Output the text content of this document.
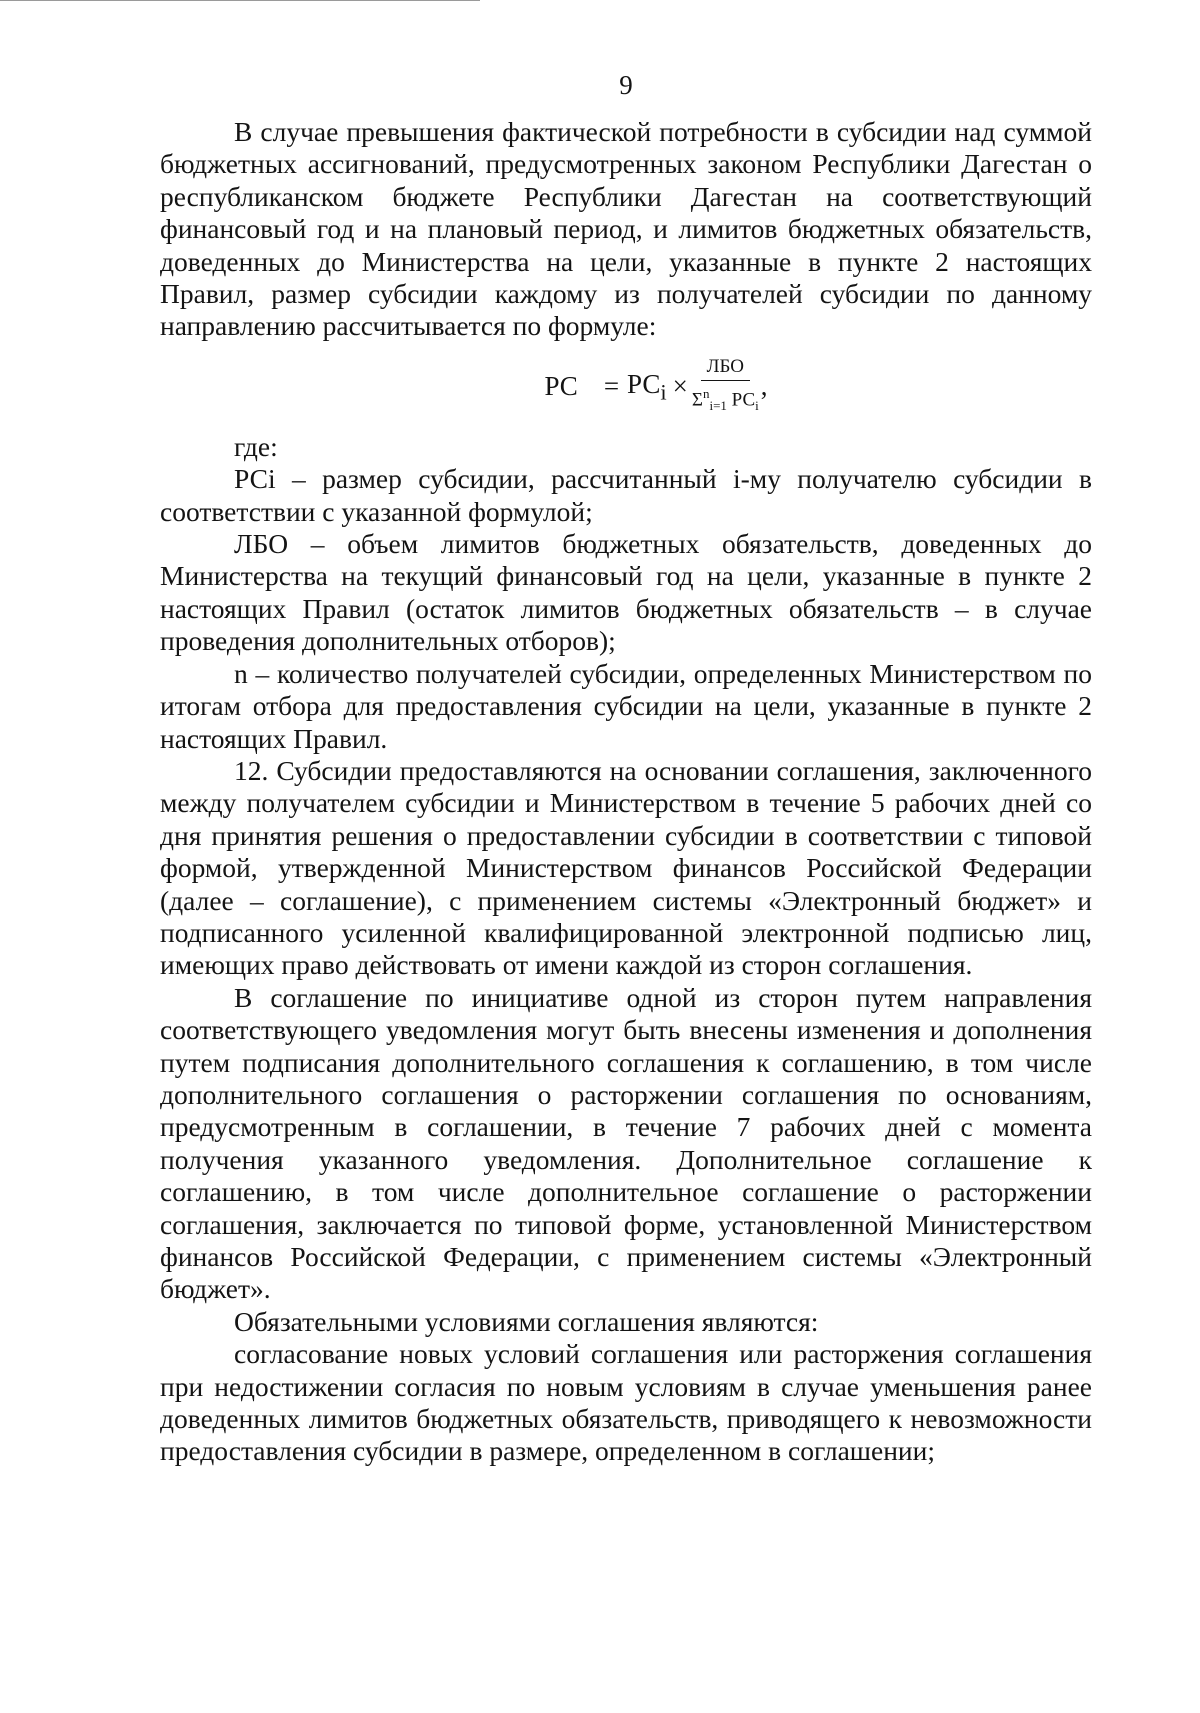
9

В случае превышения фактической потребности в субсидии над суммой бюджетных ассигнований, предусмотренных законом Республики Дагестан о республиканском бюджете Республики Дагестан на соответствующий финансовый год и на плановый период, и лимитов бюджетных обязательств, доведенных до Министерства на цели, указанные в пункте 2 настоящих Правил, размер субсидии каждому из получателей субсидии по данному направлению рассчитывается по формуле:

РС = $РС_i \times \frac{\text{ЛБО}}{\Sigma^n_{i=1} РС_i}$ ,

где:

РСi – размер субсидии, рассчитанный i-му получателю субсидии в соответствии с указанной формулой;

ЛБО – объем лимитов бюджетных обязательств, доведенных до Министерства на текущий финансовый год на цели, указанные в пункте 2 настоящих Правил (остаток лимитов бюджетных обязательств – в случае проведения дополнительных отборов);

n – количество получателей субсидии, определенных Министерством по итогам отбора для предоставления субсидии на цели, указанные в пункте 2 настоящих Правил.

12. Субсидии предоставляются на основании соглашения, заключенного между получателем субсидии и Министерством в течение 5 рабочих дней со дня принятия решения о предоставлении субсидии в соответствии с типовой формой, утвержденной Министерством финансов Российской Федерации (далее – соглашение), с применением системы «Электронный бюджет» и подписанного усиленной квалифицированной электронной подписью лиц, имеющих право действовать от имени каждой из сторон соглашения.

В соглашение по инициативе одной из сторон путем направления соответствующего уведомления могут быть внесены изменения и дополнения путем подписания дополнительного соглашения к соглашению, в том числе дополнительного соглашения о расторжении соглашения по основаниям, предусмотренным в соглашении, в течение 7 рабочих дней с момента получения указанного уведомления. Дополнительное соглашение к соглашению, в том числе дополнительное соглашение о расторжении соглашения, заключается по типовой форме, установленной Министерством финансов Российской Федерации, с применением системы «Электронный бюджет».

Обязательными условиями соглашения являются:

согласование новых условий соглашения или расторжения соглашения при недостижении согласия по новым условиям в случае уменьшения ранее доведенных лимитов бюджетных обязательств, приводящего к невозможности предоставления субсидии в размере, определенном в соглашении;
